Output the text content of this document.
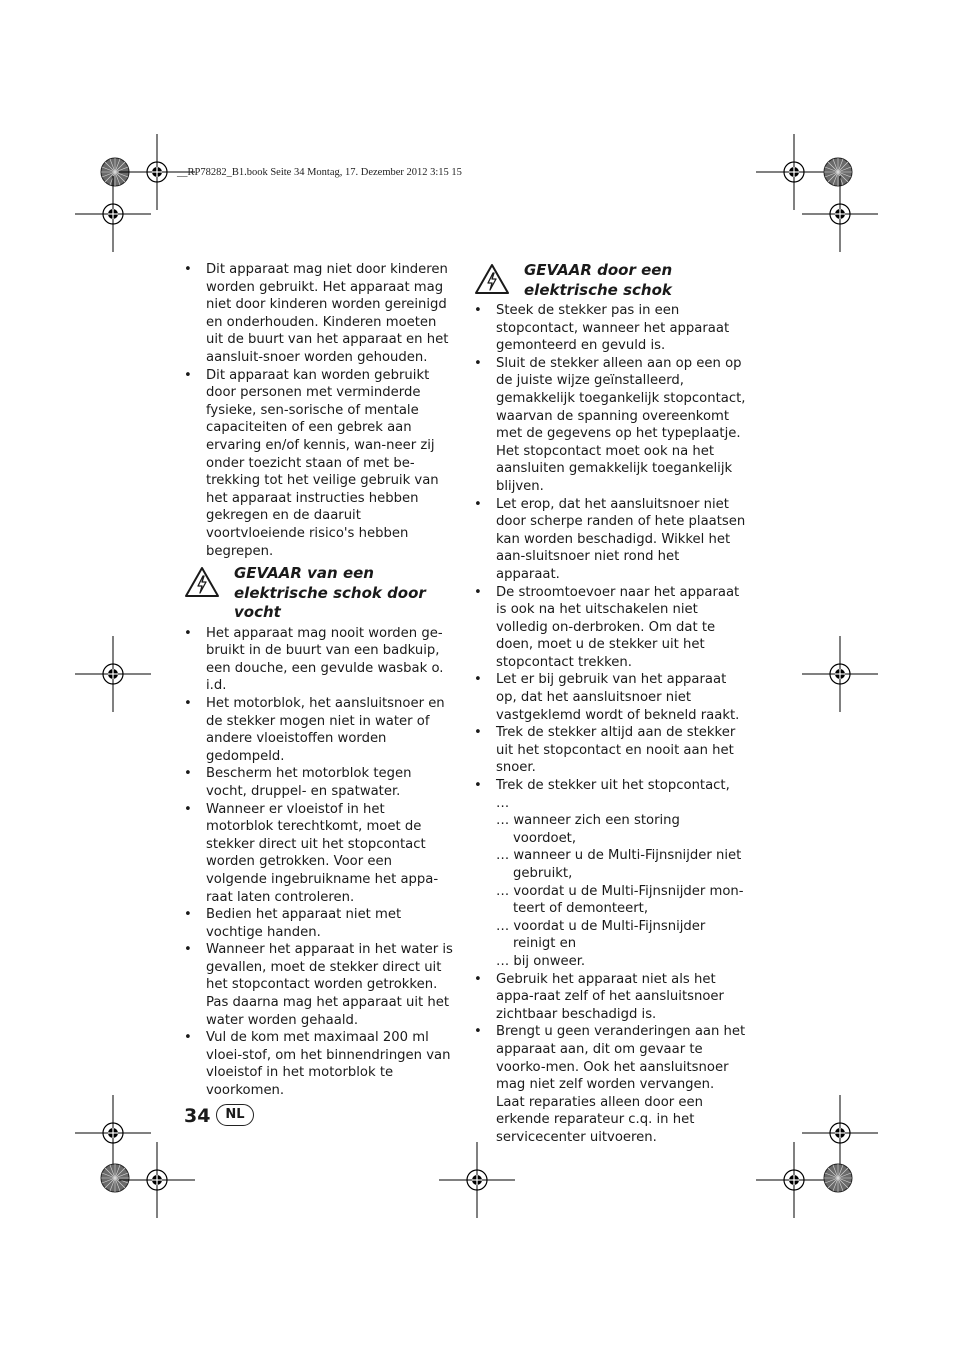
__RP78282_B1.book Seite 34 Montag, 17. Dezember 2012 3:15 15
• Dit apparaat mag niet door kinderen worden gebruikt. Het apparaat mag niet door kinderen worden gereinigd en onderhouden. Kinderen moeten uit de buurt van het apparaat en het aansluit-snoer worden gehouden.
• Dit apparaat kan worden gebruikt door personen met verminderde fysieke, sen-sorische of mentale capaciteiten of een gebrek aan ervaring en/of kennis, wan-neer zij onder toezicht staan of met be-trekking tot het veilige gebruik van het apparaat instructies hebben gekregen en de daaruit voortvloeiende risico's hebben begrepen.
GEVAAR van een elektrische schok door vocht
• Het apparaat mag nooit worden ge-bruikt in de buurt van een badkuip, een douche, een gevulde wasbak o. i.d.
• Het motorblok, het aansluitsnoer en de stekker mogen niet in water of andere vloeistoffen worden gedompeld.
• Bescherm het motorblok tegen vocht, druppel- en spatwater.
• Wanneer er vloeistof in het motorblok terechtkomt, moet de stekker direct uit het stopcontact worden getrokken. Voor een volgende ingebruikname het appa-raat laten controleren.
• Bedien het apparaat niet met vochtige handen.
• Wanneer het apparaat in het water is gevallen, moet de stekker direct uit het stopcontact worden getrokken. Pas daarna mag het apparaat uit het water worden gehaald.
• Vul de kom met maximaal 200 ml vloei-stof, om het binnendringen van vloeistof in het motorblok te voorkomen.
GEVAAR door een elektrische schok
• Steek de stekker pas in een stopcontact, wanneer het apparaat gemonteerd en gevuld is.
• Sluit de stekker alleen aan op een op de juiste wijze geïnstalleerd, gemakkelijk toegankelijk stopcontact, waarvan de spanning overeenkomt met de gegevens op het typeplaatje. Het stopcontact moet ook na het aansluiten gemakkelijk toegankelijk blijven.
• Let erop, dat het aansluitsnoer niet door scherpe randen of hete plaatsen kan worden beschadigd. Wikkel het aan-sluitsnoer niet rond het apparaat.
• De stroomtoevoer naar het apparaat is ook na het uitschakelen niet volledig on-derbroken. Om dat te doen, moet u de stekker uit het stopcontact trekken.
• Let er bij gebruik van het apparaat op, dat het aansluitsnoer niet vastgeklemd wordt of bekneld raakt.
• Trek de stekker altijd aan de stekker uit het stopcontact en nooit aan het snoer.
• Trek de stekker uit het stopcontact, …
… wanneer zich een storing voordoet,
… wanneer u de Multi-Fijnsnijder niet gebruikt,
… voordat u de Multi-Fijnsnijder mon-teert of demonteert,
… voordat u de Multi-Fijnsnijder reinigt en
… bij onweer.
• Gebruik het apparaat niet als het appa-raat zelf of het aansluitsnoer zichtbaar beschadigd is.
• Brengt u geen veranderingen aan het apparaat aan, dit om gevaar te voorko-men. Ook het aansluitsnoer mag niet zelf worden vervangen. Laat reparaties alleen door een erkende reparateur c.q. in het servicecenter uitvoeren.
34	NL
